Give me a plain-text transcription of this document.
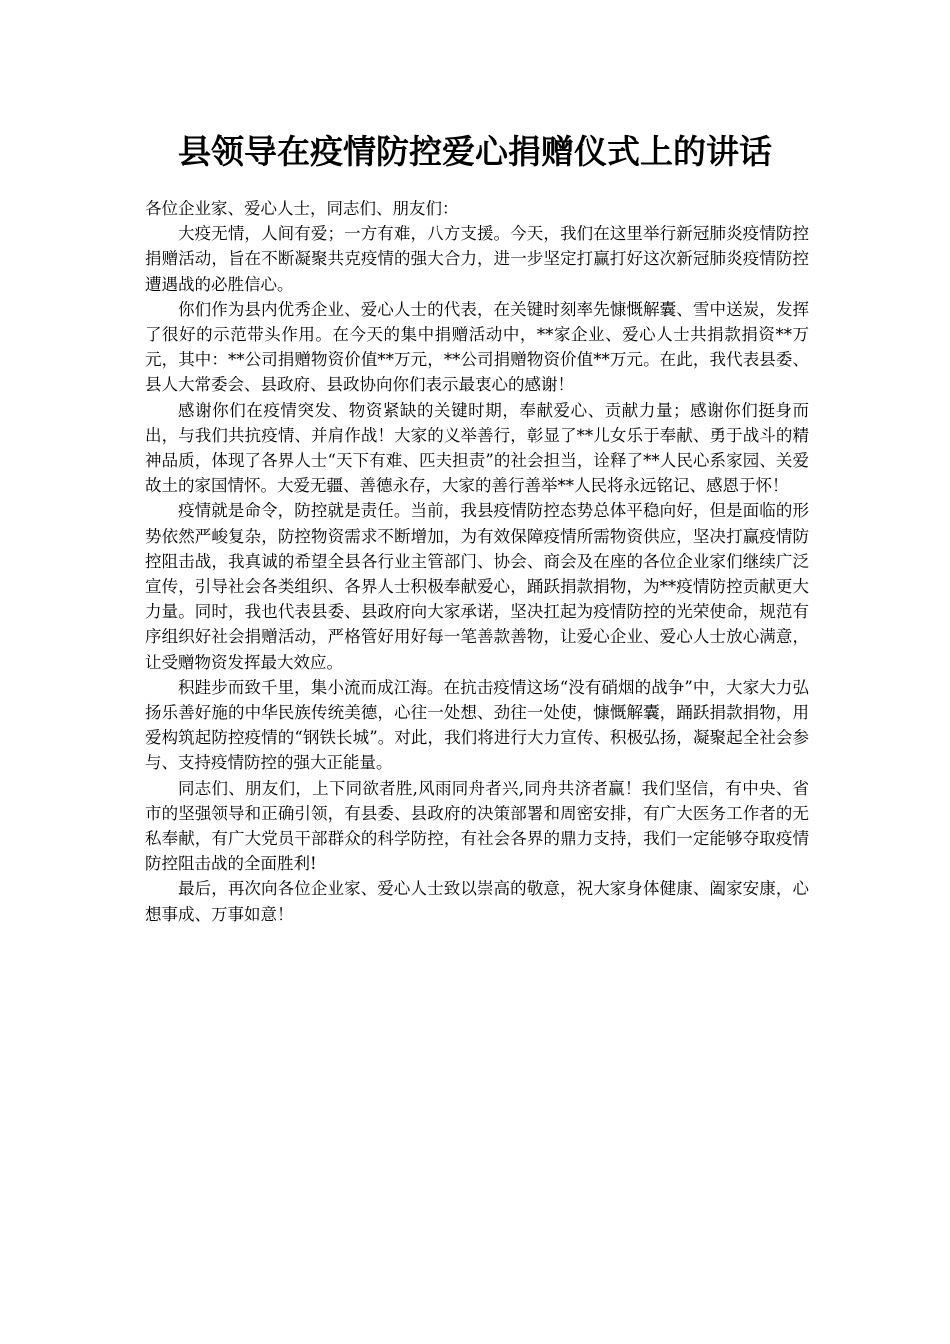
县领导在疫情防控爱心捐赠仪式上的讲话

各位企业家、爱心人士，同志们、朋友们：

大疫无情，人间有爱；一方有难，八方支援。今天，我们在这里举行新冠肺炎疫情防控捐赠活动，旨在不断凝聚共克疫情的强大合力，进一步坚定打赢打好这次新冠肺炎疫情防控遭遇战的必胜信心。

你们作为县内优秀企业、爱心人士的代表，在关键时刻率先慷慨解囊、雪中送炭，发挥了很好的示范带头作用。在今天的集中捐赠活动中，**家企业、爱心人士共捐款捐资**万元，其中：**公司捐赠物资价值**万元，**公司捐赠物资价值**万元。在此，我代表县委、县人大常委会、县政府、县政协向你们表示最衷心的感谢！

感谢你们在疫情突发、物资紧缺的关键时期，奉献爱心、贡献力量；感谢你们挺身而出，与我们共抗疫情、并肩作战！大家的义举善行，彰显了**儿女乐于奉献、勇于战斗的精神品质，体现了各界人士“天下有难、匹夫担责”的社会担当，诠释了**人民心系家园、关爱故土的家国情怀。大爱无疆、善德永存，大家的善行善举**人民将永远铭记、感恩于怀！

疫情就是命令，防控就是责任。当前，我县疫情防控态势总体平稳向好，但是面临的形势依然严峻复杂，防控物资需求不断增加，为有效保障疫情所需物资供应，坚决打赢疫情防控阻击战，我真诚的希望全县各行业主管部门、协会、商会及在座的各位企业家们继续广泛宣传，引导社会各类组织、各界人士积极奉献爱心，踊跃捐款捐物，为**疫情防控贡献更大力量。同时，我也代表县委、县政府向大家承诺，坚决扛起为疫情防控的光荣使命，规范有序组织好社会捐赠活动，严格管好用好每一笔善款善物，让爱心企业、爱心人士放心满意，让受赠物资发挥最大效应。

积跬步而致千里，集小流而成江海。在抗击疫情这场“没有硝烟的战争”中，大家大力弘扬乐善好施的中华民族传统美德，心往一处想、劲往一处使，慷慨解囊，踊跃捐款捐物，用爱构筑起防控疫情的“钢铁长城”。对此，我们将进行大力宣传、积极弘扬，凝聚起全社会参与、支持疫情防控的强大正能量。

同志们、朋友们，上下同欲者胜,风雨同舟者兴,同舟共济者赢！我们坚信，有中央、省市的坚强领导和正确引领，有县委、县政府的决策部署和周密安排，有广大医务工作者的无私奉献，有广大党员干部群众的科学防控，有社会各界的鼎力支持，我们一定能够夺取疫情防控阻击战的全面胜利!

最后，再次向各位企业家、爱心人士致以崇高的敬意，祝大家身体健康、阖家安康，心想事成、万事如意！
